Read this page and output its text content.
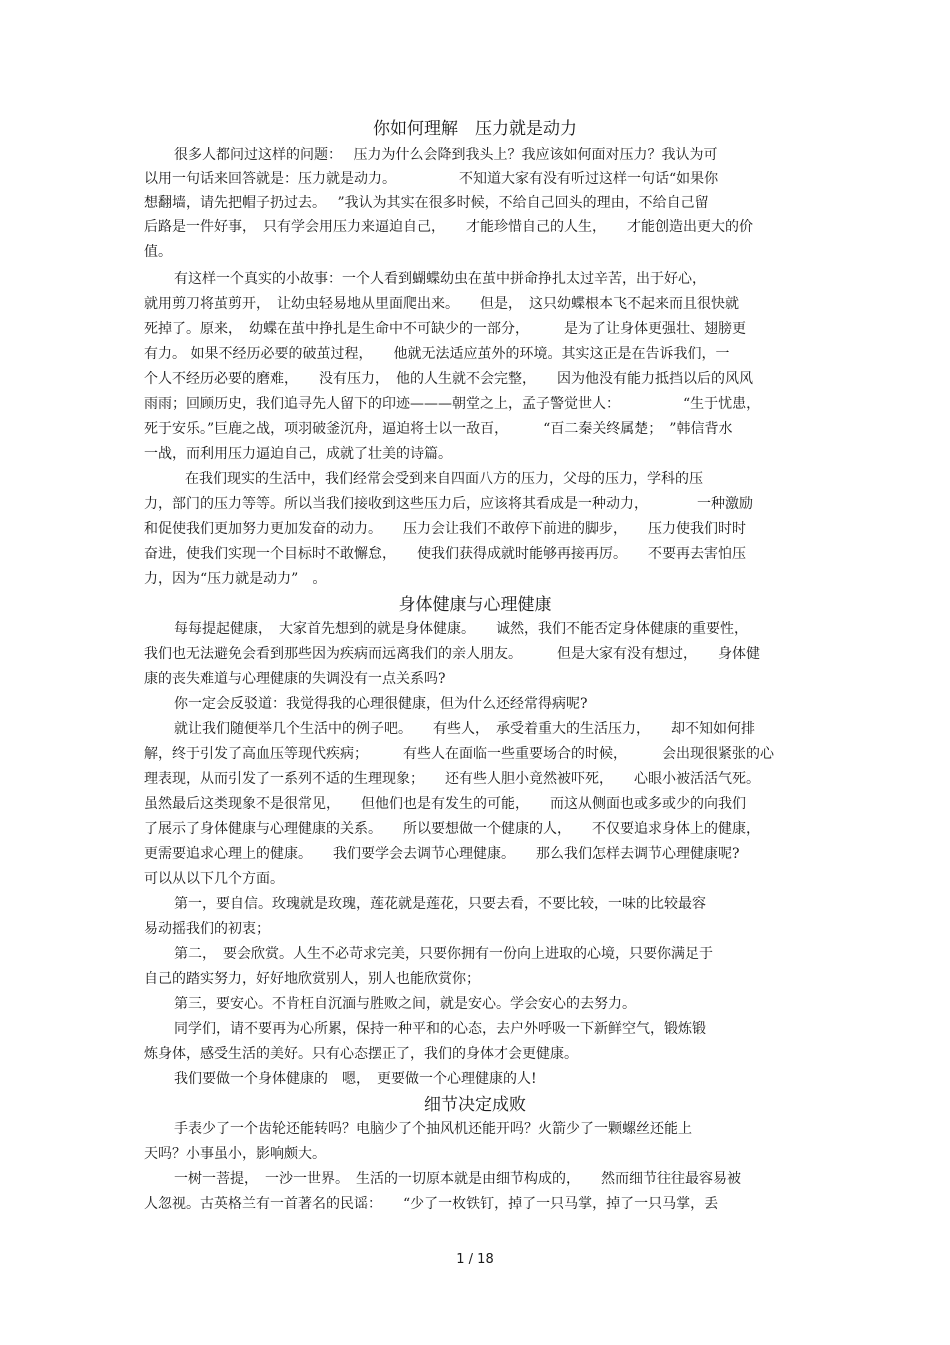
你如何理解　压力就是动力
很多人都问过这样的问题：　 压力为什么会降到我头上？我应该如何面对压力？我认为可
以用一句话来回答就是：压力就是动力。　　　　　不知道大家有没有听过这样一句话“如果你
想翻墙，请先把帽子扔过去。　 ”我认为其实在很多时候，不给自己回头的理由，不给自己留
后路是一件好事，　只有学会用压力来逼迫自己，　　才能珍惜自己的人生，　　才能创造出更大的价
值。
有这样一个真实的小故事：一个人看到蝴蝶幼虫在茧中拼命挣扎太过辛苦，出于好心，
就用剪刀将茧剪开，　让幼虫轻易地从里面爬出来。　　但是，　这只幼蝶根本飞不起来而且很快就
死掉了。原来，　幼蝶在茧中挣扎是生命中不可缺少的一部分，　　　是为了让身体更强壮、翅膀更
有力。 如果不经历必要的破茧过程，　　他就无法适应茧外的环境。其实这正是在告诉我们，一
个人不经历必要的磨难，　　没有压力，　他的人生就不会完整，　　因为他没有能力抵挡以后的风风
雨雨；回顾历史，我们追寻先人留下的印迹———朝堂之上，孟子警觉世人：　　　　　“生于忧患，
死于安乐。”巨鹿之战，项羽破釜沉舟，逼迫将士以一敌百，　　　“百二秦关终属楚；　”韩信背水
一战，而利用压力逼迫自己，成就了壮美的诗篇。
在我们现实的生活中，我们经常会受到来自四面八方的压力，父母的压力，学科的压
力，部门的压力等等。所以当我们接收到这些压力后，应该将其看成是一种动力，　　　　一种激励
和促使我们更加努力更加发奋的动力。　　压力会让我们不敢停下前进的脚步，　　压力使我们时时
奋进，使我们实现一个目标时不敢懈怠，　　使我们获得成就时能够再接再厉。　　不要再去害怕压
力，因为“压力就是动力”　。
身体健康与心理健康
每每提起健康，　大家首先想到的就是身体健康。　　诚然，我们不能否定身体健康的重要性，
我们也无法避免会看到那些因为疾病而远离我们的亲人朋友。　　　但是大家有没有想过，　　身体健
康的丧失难道与心理健康的失调没有一点关系吗?
你一定会反驳道：我觉得我的心理很健康，但为什么还经常得病呢?
就让我们随便举几个生活中的例子吧。　　有些人，　承受着重大的生活压力，　　却不知如何排
解，终于引发了高血压等现代疾病；　　　有些人在面临一些重要场合的时候，　　　会出现很紧张的心
理表现，从而引发了一系列不适的生理现象；　　还有些人胆小竟然被吓死，　　心眼小被活活气死。
虽然最后这类现象不是很常见，　　但他们也是有发生的可能，　　而这从侧面也或多或少的向我们
了展示了身体健康与心理健康的关系。　　所以要想做一个健康的人，　　不仅要追求身体上的健康，
更需要追求心理上的健康。　　我们要学会去调节心理健康。　　那么我们怎样去调节心理健康呢?
可以从以下几个方面。
第一，要自信。玫瑰就是玫瑰，莲花就是莲花，只要去看，不要比较，一味的比较最容
易动摇我们的初衷；
第二，　要会欣赏。人生不必苛求完美，只要你拥有一份向上进取的心境，只要你满足于
自己的踏实努力，好好地欣赏别人，别人也能欣赏你；
第三，要安心。不肯枉自沉湎与胜败之间，就是安心。学会安心的去努力。
同学们，请不要再为心所累，保持一种平和的心态，去户外呼吸一下新鲜空气，锻炼锻
炼身体，感受生活的美好。只有心态摆正了，我们的身体才会更健康。
我们要做一个身体健康的　嗯，　更要做一个心理健康的人!
细节决定成败
手表少了一个齿轮还能转吗？电脑少了个抽风机还能开吗？火箭少了一颗螺丝还能上
天吗？小事虽小，影响颇大。
一树一菩提，　一沙一世界。　生活的一切原本就是由细节构成的，　　然而细节往往最容易被
人忽视。古英格兰有一首著名的民谣：　　“少了一枚铁钉，掉了一只马掌，掉了一只马掌，丢
1 / 18
